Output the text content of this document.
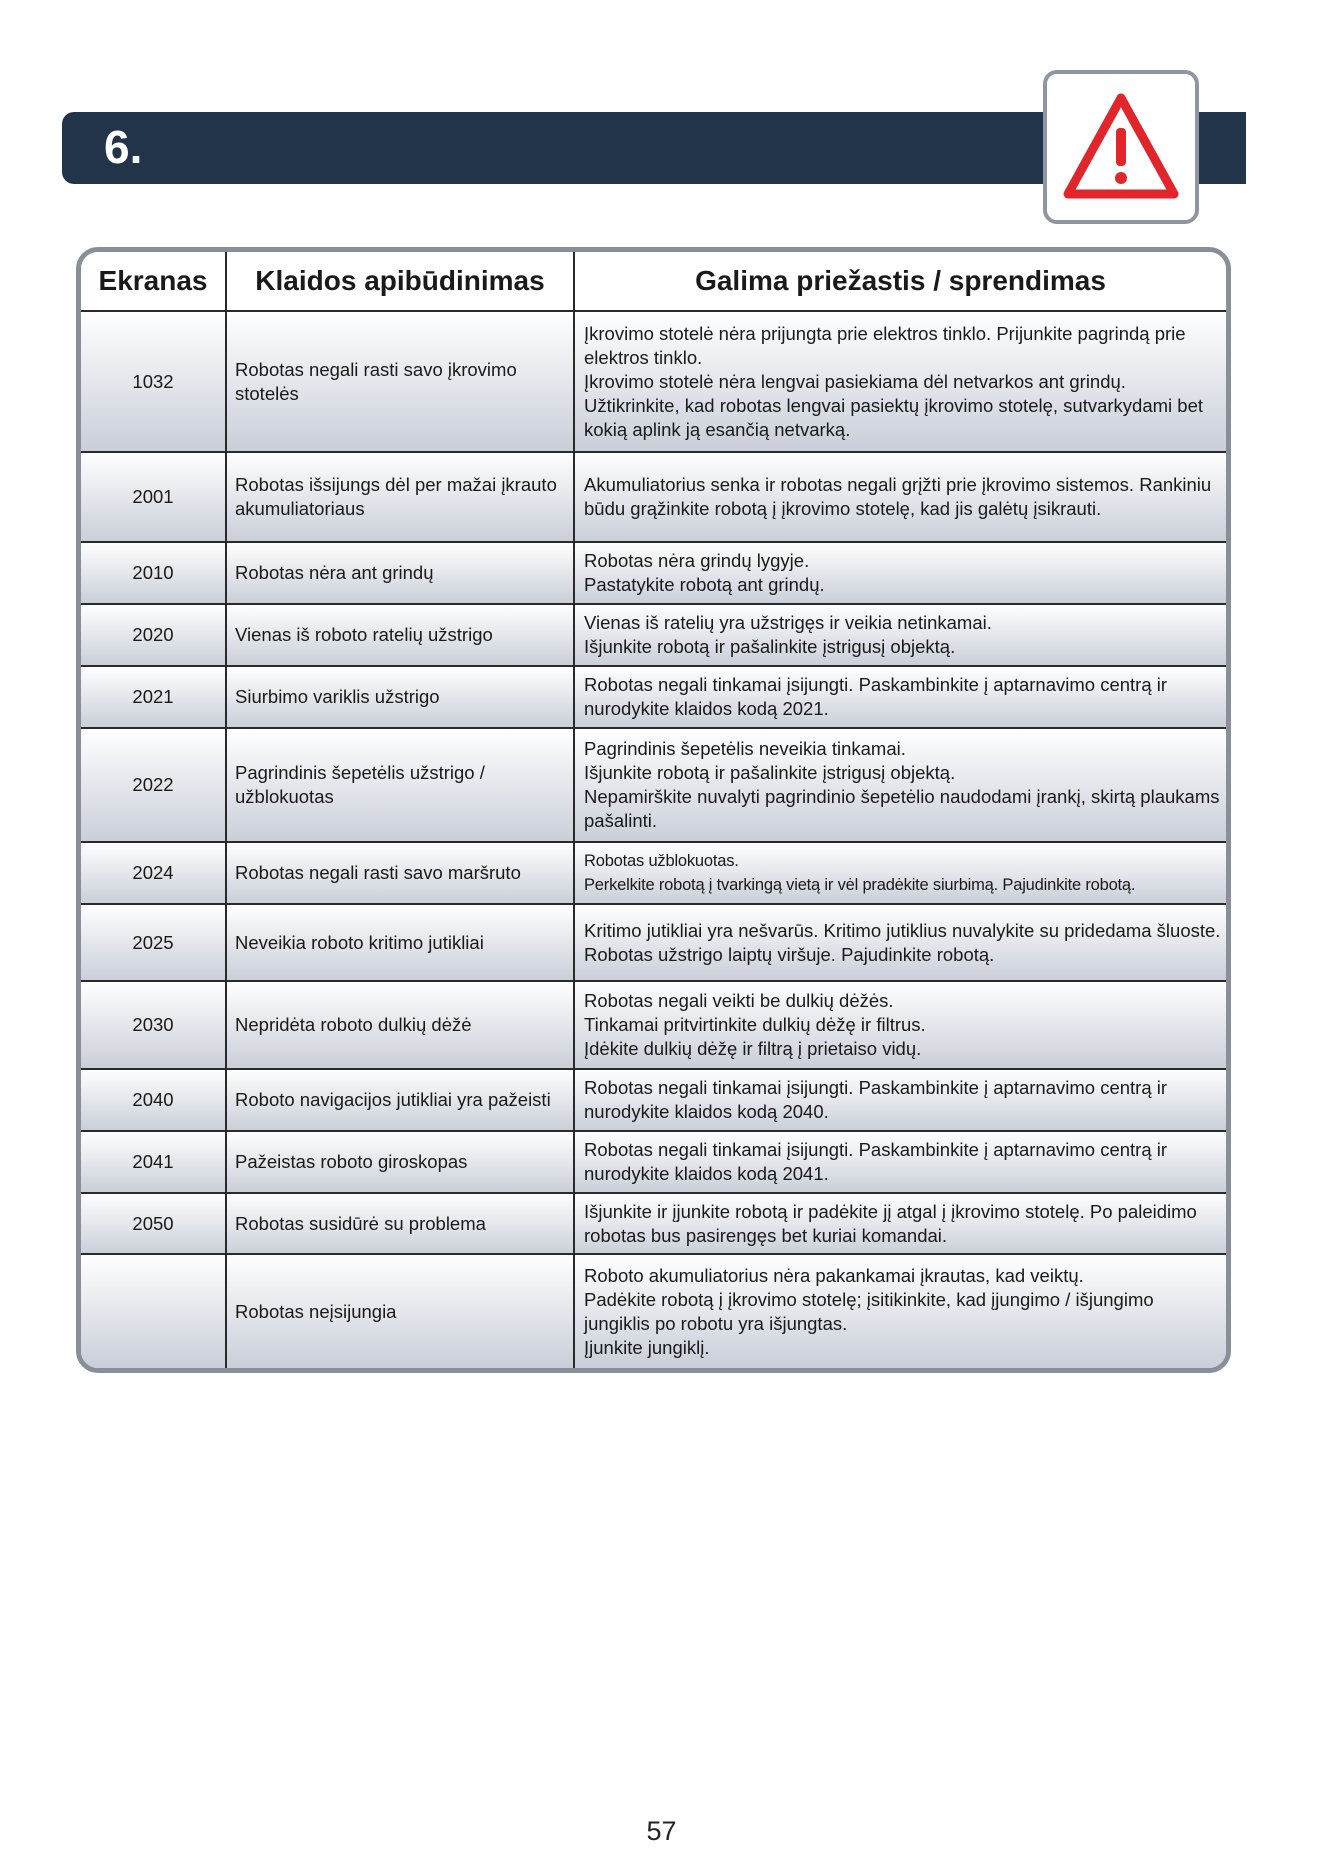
6.
Ekranas	Klaidos apibūdinimas	Galima priežastis / sprendimas
1032	Robotas negali rasti savo įkrovimo stotelės	Įkrovimo stotelė nėra prijungta prie elektros tinklo. Prijunkite pagrindą prie elektros tinklo.
Įkrovimo stotelė nėra lengvai pasiekiama dėl netvarkos ant grindų. Užtikrinkite, kad robotas lengvai pasiektų įkrovimo stotelę, sutvarkydami bet kokią aplink ją esančią netvarką.
2001	Robotas išsijungs dėl per mažai įkrauto akumuliatoriaus	Akumuliatorius senka ir robotas negali grįžti prie įkrovimo sistemos. Rankiniu būdu grąžinkite robotą į įkrovimo stotelę, kad jis galėtų įsikrauti.
2010	Robotas nėra ant grindų	Robotas nėra grindų lygyje.
Pastatykite robotą ant grindų.
2020	Vienas iš roboto ratelių užstrigo	Vienas iš ratelių yra užstrigęs ir veikia netinkamai.
Išjunkite robotą ir pašalinkite įstrigusį objektą.
2021	Siurbimo variklis užstrigo	Robotas negali tinkamai įsijungti. Paskambinkite į aptarnavimo centrą ir nurodykite klaidos kodą 2021.
2022	Pagrindinis šepetėlis užstrigo / užblokuotas	Pagrindinis šepetėlis neveikia tinkamai.
Išjunkite robotą ir pašalinkite įstrigusį objektą.
Nepamirškite nuvalyti pagrindinio šepetėlio naudodami įrankį, skirtą plaukams pašalinti.
2024	Robotas negali rasti savo maršruto	Robotas užblokuotas.
Perkelkite robotą į tvarkingą vietą ir vėl pradėkite siurbimą. Pajudinkite robotą.
2025	Neveikia roboto kritimo jutikliai	Kritimo jutikliai yra nešvarūs. Kritimo jutiklius nuvalykite su pridedama šluoste.
Robotas užstrigo laiptų viršuje. Pajudinkite robotą.
2030	Nepridėta roboto dulkių dėžė	Robotas negali veikti be dulkių dėžės.
Tinkamai pritvirtinkite dulkių dėžę ir filtrus.
Įdėkite dulkių dėžę ir filtrą į prietaiso vidų.
2040	Roboto navigacijos jutikliai yra pažeisti	Robotas negali tinkamai įsijungti. Paskambinkite į aptarnavimo centrą ir nurodykite klaidos kodą 2040.
2041	Pažeistas roboto giroskopas	Robotas negali tinkamai įsijungti. Paskambinkite į aptarnavimo centrą ir nurodykite klaidos kodą 2041.
2050	Robotas susidūrė su problema	Išjunkite ir įjunkite robotą ir padėkite jį atgal į įkrovimo stotelę. Po paleidimo robotas bus pasirengęs bet kuriai komandai.
	Robotas neįsijungia	Roboto akumuliatorius nėra pakankamai įkrautas, kad veiktų.
Padėkite robotą į įkrovimo stotelę; įsitikinkite, kad įjungimo / išjungimo jungiklis po robotu yra išjungtas.
Įjunkite jungiklį.
57
